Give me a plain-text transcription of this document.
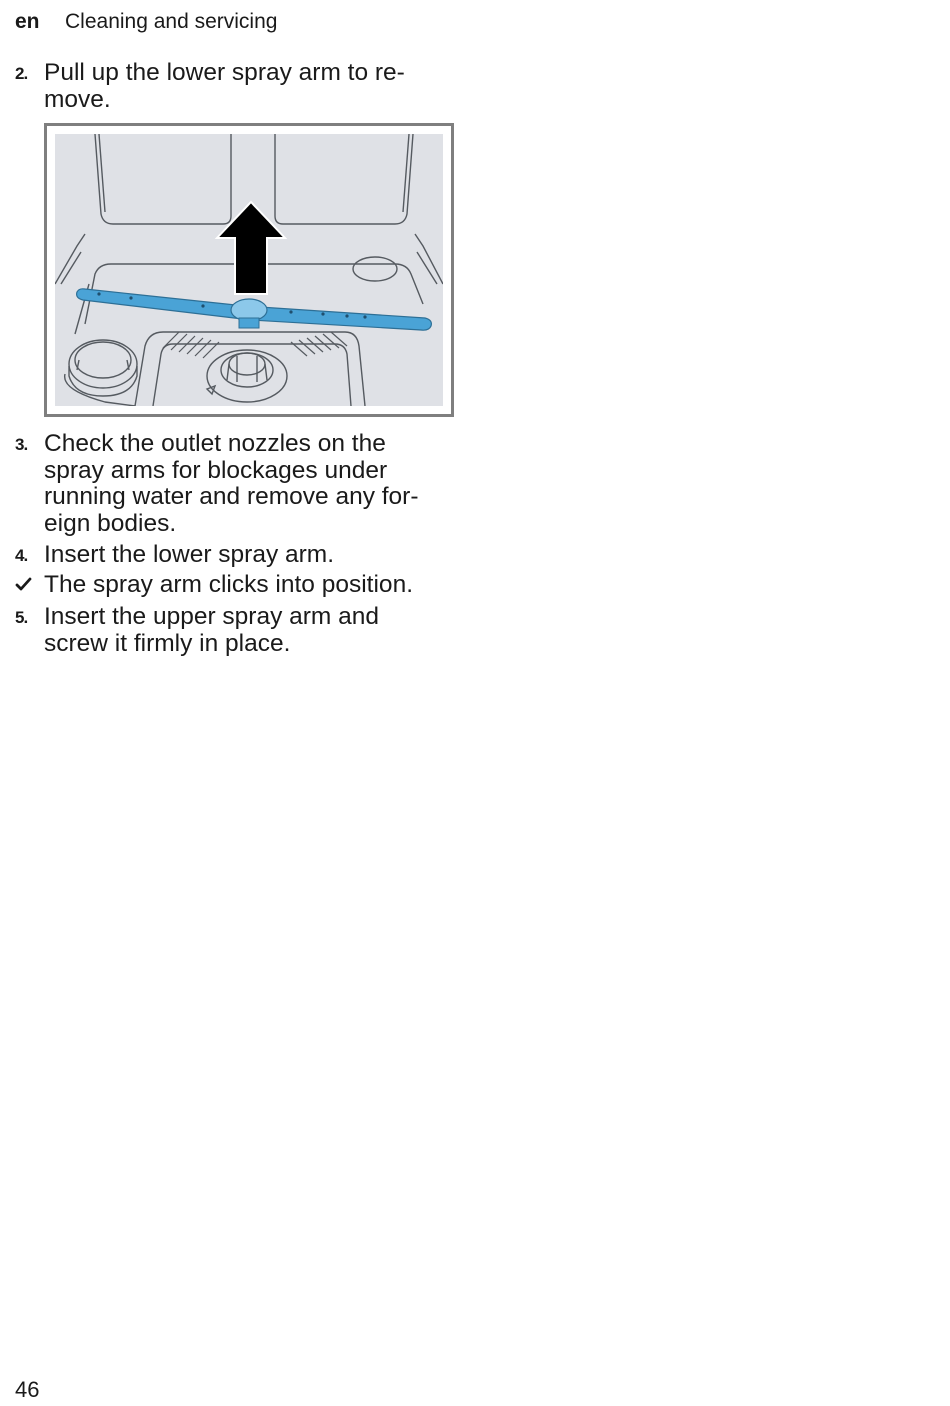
en	Cleaning and servicing
2. Pull up the lower spray arm to re-
move.
3. Check the outlet nozzles on the
spray arms for blockages under
running water and remove any for-
eign bodies.
4. Insert the lower spray arm.
The spray arm clicks into position.
5. Insert the upper spray arm and
screw it firmly in place.
46
